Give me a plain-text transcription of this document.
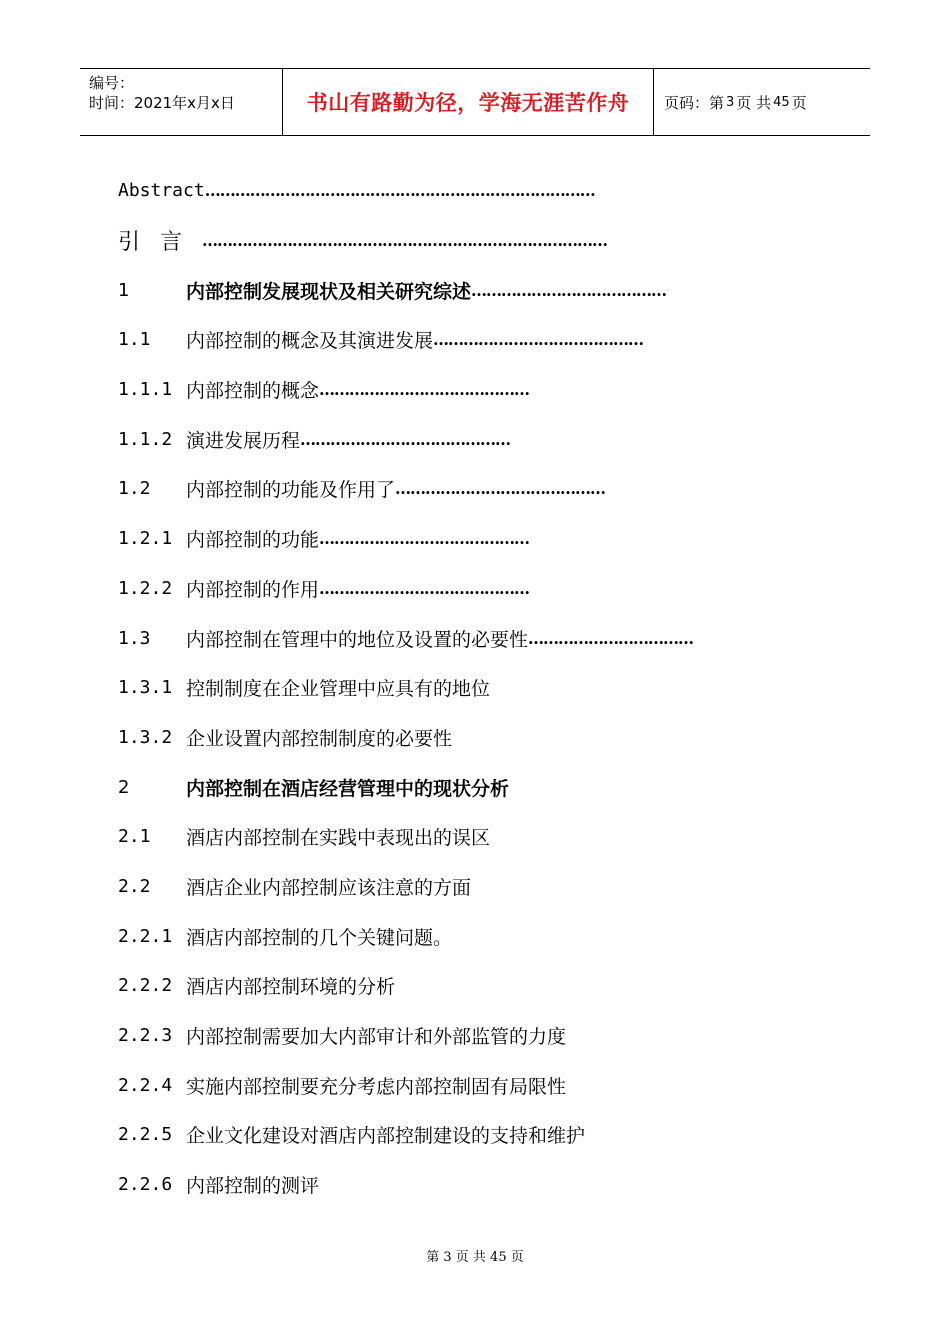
编号：
时间：2021年x月x日	书山有路勤为径，学海无涯苦作舟 页码：第 3 页 共 45 页
Abstract ……………………………………………………………………
引言 ………………………………………………………………………
1	内部控制发展现状及相关研究综述 …………………………………
1.1	内部控制的概念及其演进发展 ……………………………………
1.1.1 内部控制的概念 ……………………………………
1.1.2 演进发展历程 ……………………………………
1.2	内部控制的功能及作用了 ……………………………………
1.2.1 内部控制的功能 ……………………………………
1.2.2 内部控制的作用 ……………………………………
1.3	内部控制在管理中的地位及设置的必要性 ……………………………
1.3.1 控制制度在企业管理中应具有的地位
1.3.2 企业设置内部控制制度的必要性
2	内部控制在酒店经营管理中的现状分析
2.1	酒店内部控制在实践中表现出的误区
2.2	酒店企业内部控制应该注意的方面
2.2.1 酒店内部控制的几个关键问题。
2.2.2 酒店内部控制环境的分析
2.2.3 内部控制需要加大内部审计和外部监管的力度
2.2.4 实施内部控制要充分考虑内部控制固有局限性
2.2.5 企业文化建设对酒店内部控制建设的支持和维护
2.2.6 内部控制的测评
第 3 页 共 45 页
